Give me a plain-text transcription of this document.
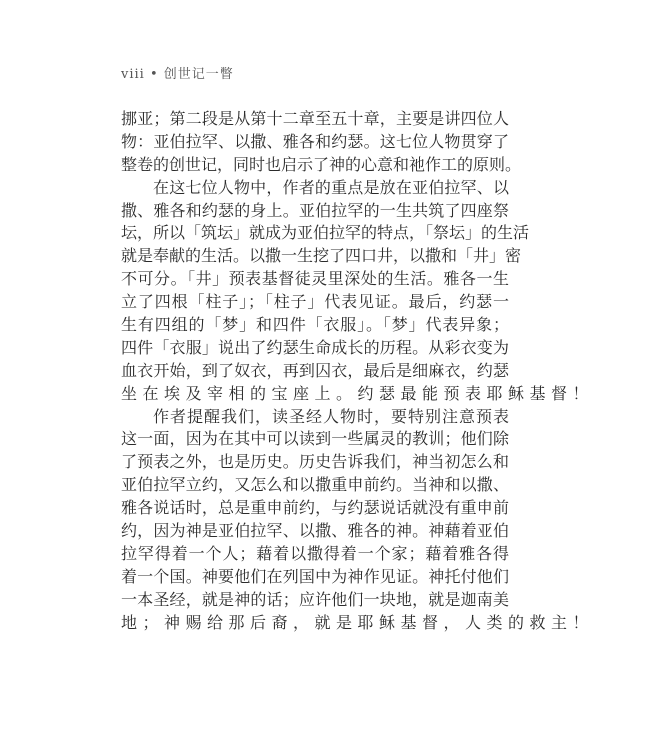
viii • 创世记一瞥
挪亚；第二段是从第十二章至五十章，主要是讲四位人
物：亚伯拉罕、以撒、雅各和约瑟。这七位人物贯穿了
整卷的创世记，同时也启示了神的心意和祂作工的原则。
在这七位人物中，作者的重点是放在亚伯拉罕、以
撒、雅各和约瑟的身上。亚伯拉罕的一生共筑了四座祭
坛，所以「筑坛」就成为亚伯拉罕的特点，「祭坛」的生活
就是奉献的生活。以撒一生挖了四口井，以撒和「井」密
不可分。「井」预表基督徒灵里深处的生活。雅各一生
立了四根「柱子」；「柱子」代表见证。最后，约瑟一
生有四组的「梦」和四件「衣服」。「梦」代表异象；
四件「衣服」说出了约瑟生命成长的历程。从彩衣变为
血衣开始，到了奴衣，再到囚衣，最后是细麻衣，约瑟
坐在埃及宰相的宝座上。约瑟最能预表耶稣基督！
作者提醒我们，读圣经人物时，要特别注意预表
这一面，因为在其中可以读到一些属灵的教训；他们除
了预表之外，也是历史。历史告诉我们，神当初怎么和
亚伯拉罕立约，又怎么和以撒重申前约。当神和以撒、
雅各说话时，总是重申前约，与约瑟说话就没有重申前
约，因为神是亚伯拉罕、以撒、雅各的神。神藉着亚伯
拉罕得着一个人；藉着以撒得着一个家；藉着雅各得
着一个国。神要他们在列国中为神作见证。神托付他们
一本圣经，就是神的话；应许他们一块地，就是迦南美
地；神赐给那后裔，就是耶稣基督，人类的救主！
